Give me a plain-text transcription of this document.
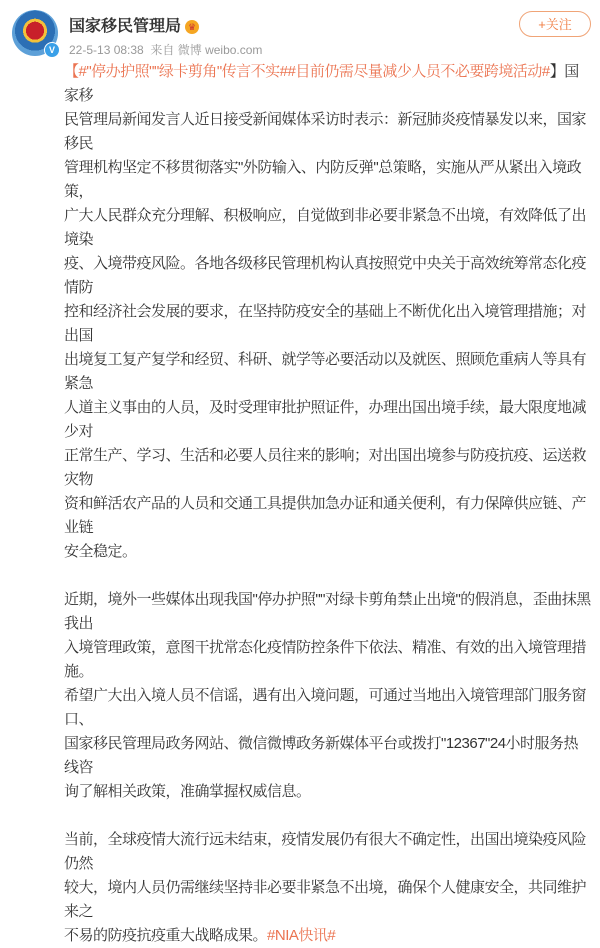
V
国家移民管理局 ♛
22-5-13 08:38 来自 微博 weibo.com
+关注
【#"停办护照""绿卡剪角"传言不实##目前仍需尽量减少人员不必要跨境活动#】国家移
民管理局新闻发言人近日接受新闻媒体采访时表示：新冠肺炎疫情暴发以来，国家移民
管理机构坚定不移贯彻落实"外防输入、内防反弹"总策略，实施从严从紧出入境政策，
广大人民群众充分理解、积极响应，自觉做到非必要非紧急不出境，有效降低了出境染
疫、入境带疫风险。各地各级移民管理机构认真按照党中央关于高效统筹常态化疫情防
控和经济社会发展的要求，在坚持防疫安全的基础上不断优化出入境管理措施；对出国
出境复工复产复学和经贸、科研、就学等必要活动以及就医、照顾危重病人等具有紧急
人道主义事由的人员，及时受理审批护照证件，办理出国出境手续，最大限度地减少对
正常生产、学习、生活和必要人员往来的影响；对出国出境参与防疫抗疫、运送救灾物
资和鲜活农产品的人员和交通工具提供加急办证和通关便利，有力保障供应链、产业链
安全稳定。
近期，境外一些媒体出现我国"停办护照""对绿卡剪角禁止出境"的假消息，歪曲抹黑我出
入境管理政策，意图干扰常态化疫情防控条件下依法、精准、有效的出入境管理措施。
希望广大出入境人员不信谣，遇有出入境问题，可通过当地出入境管理部门服务窗口、
国家移民管理局政务网站、微信微博政务新媒体平台或拨打"12367"24小时服务热线咨
询了解相关政策，准确掌握权威信息。
当前，全球疫情大流行远未结束，疫情发展仍有很大不确定性，出国出境染疫风险仍然
较大，境内人员仍需继续坚持非必要非紧急不出境，确保个人健康安全，共同维护来之
不易的防疫抗疫重大战略成果。#NIA快讯#
